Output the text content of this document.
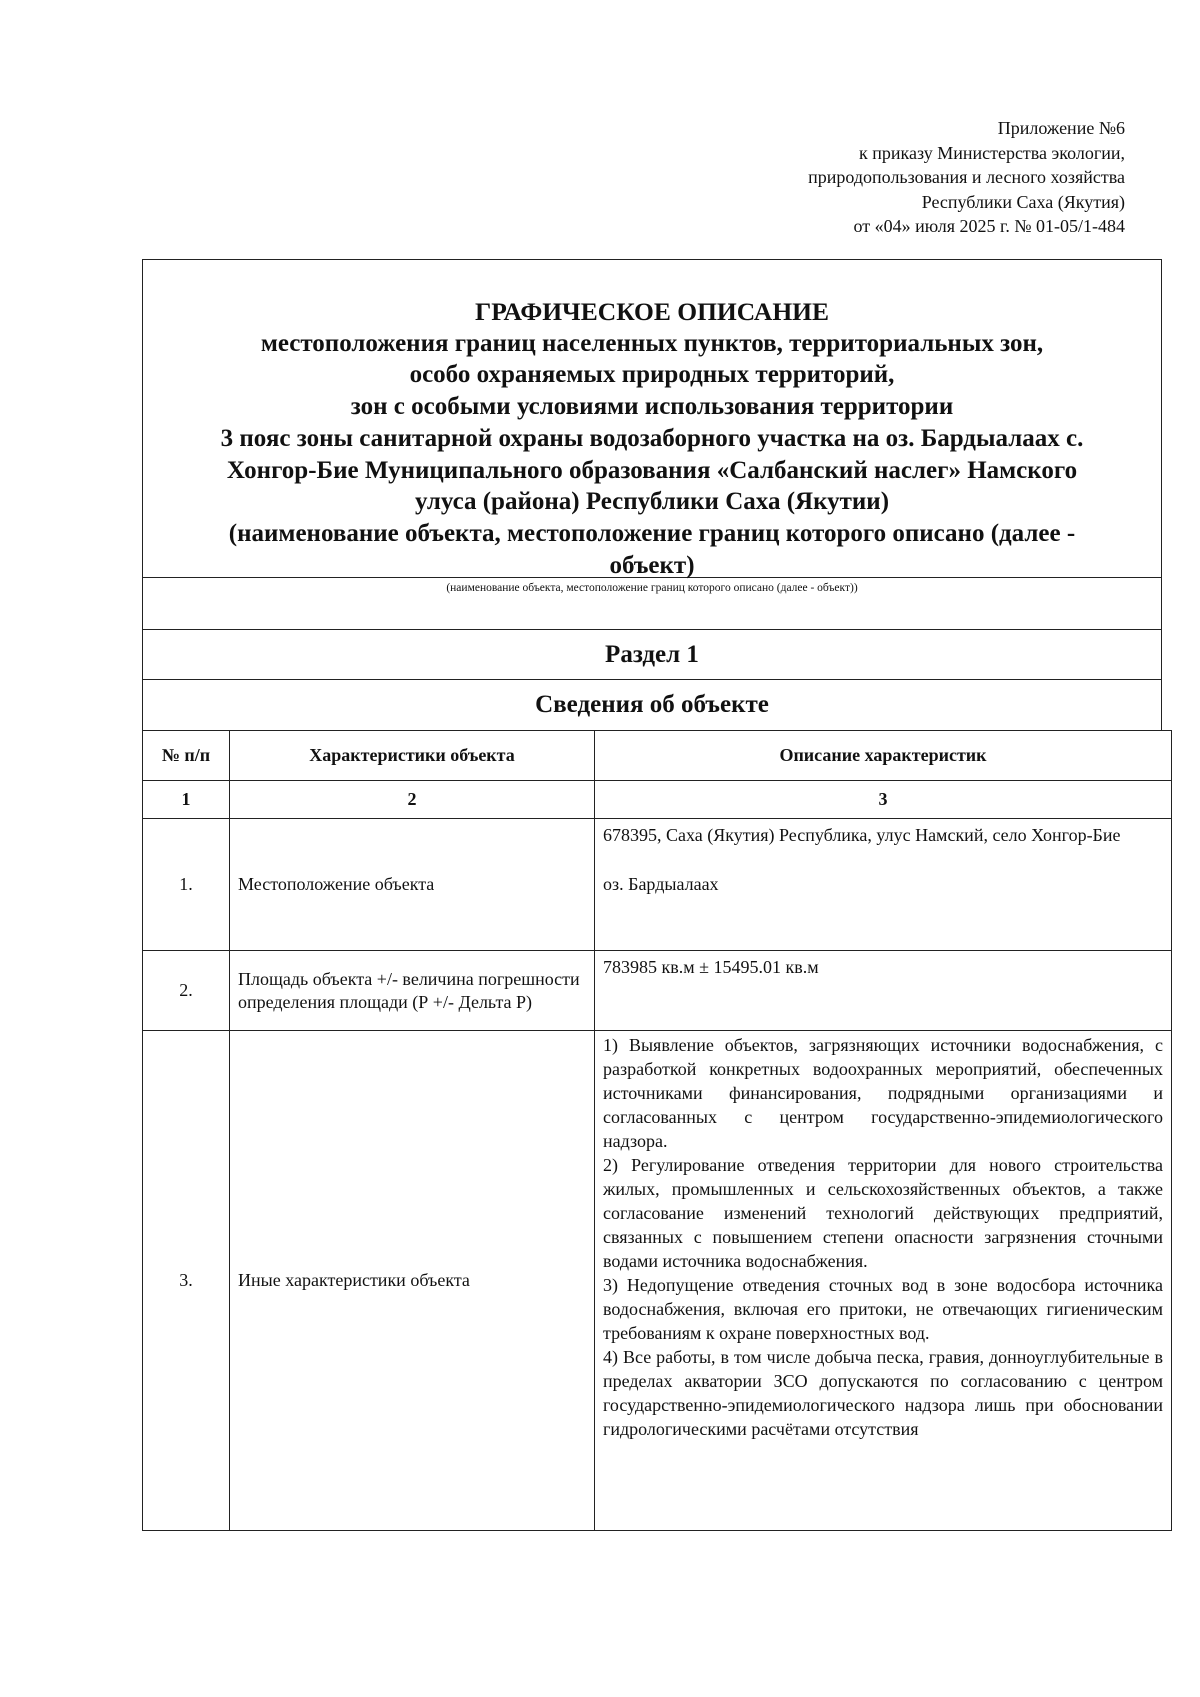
Приложение №6
к приказу Министерства экологии,
природопользования и лесного хозяйства
Республики Саха (Якутия)
от «04» июля 2025 г. № 01-05/1-484
ГРАФИЧЕСКОЕ ОПИСАНИЕ
местоположения границ населенных пунктов, территориальных зон,
особо охраняемых природных территорий,
зон с особыми условиями использования территории
3 пояс зоны санитарной охраны водозаборного участка на оз. Бардыалаах с.
Хонгор-Бие Муниципального образования «Салбанский наслег» Намского
улуса (района) Республики Саха (Якутии)
(наименование объекта, местоположение границ которого описано (далее -
объект)
(наименование объекта, местоположение границ которого описано (далее - объект))
Раздел 1
Сведения об объекте
№ п/п	Характеристики объекта	Описание характеристик
1	2	3
1.	Местоположение объекта	678395, Саха (Якутия) Республика, улус Намский, село Хонгор-Бие

оз. Бардыалаах

2.	Площадь объекта +/- величина погрешности определения площади (Р +/- Дельта Р)	783985 кв.м ± 15495.01 кв.м
3.	Иные характеристики объекта	1) Выявление объектов, загрязняющих источники водоснабжения, с разработкой конкретных водоохранных мероприятий, обеспеченных источниками финансирования, подрядными организациями и согласованных с центром государственно-эпидемиологического надзора.

2) Регулирование отведения территории для нового строительства жилых, промышленных и сельскохозяйственных объектов, а также согласование изменений технологий действующих предприятий, связанных с повышением степени опасности загрязнения сточными водами источника водоснабжения.

3) Недопущение отведения сточных вод в зоне водосбора источника водоснабжения, включая его притоки, не отвечающих гигиеническим требованиям к охране поверхностных вод.

4) Все работы, в том числе добыча песка, гравия, донноуглубительные в пределах акватории ЗСО допускаются по согласованию с центром государственно-эпидемиологического надзора лишь при обосновании гидрологическими расчётами отсутствия
